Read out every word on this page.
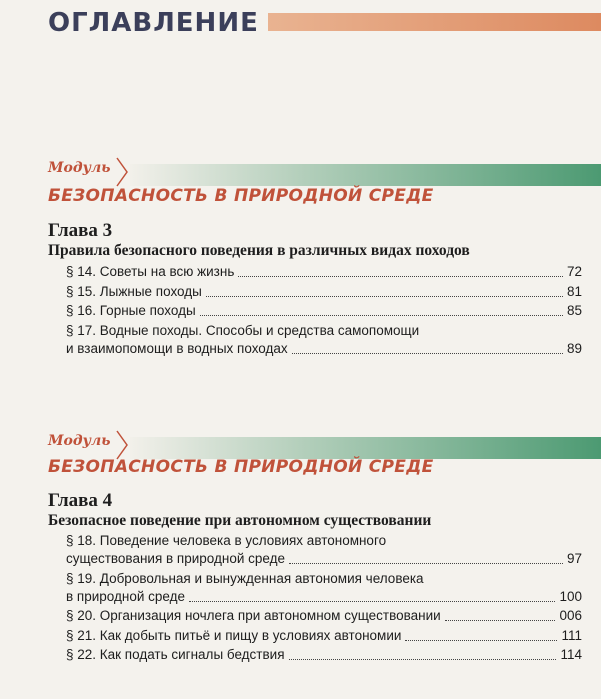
ОГЛАВЛЕНИЕ
Модуль
БЕЗОПАСНОСТЬ В ПРИРОДНОЙ СРЕДЕ
Глава 3
Правила безопасного поведения в различных видах походов
§ 14. Советы на всю жизнь	72
§ 15. Лыжные походы	81
§ 16. Горные походы	85
§ 17. Водные походы. Способы и средства самопомощи
и взаимопомощи в водных походах	89
Модуль
БЕЗОПАСНОСТЬ В ПРИРОДНОЙ СРЕДЕ
Глава 4
Безопасное поведение при автономном существовании
§ 18. Поведение человека в условиях автономного
существования в природной среде	97
§ 19. Добровольная и вынужденная автономия человека
в природной среде	100
§ 20. Организация ночлега при автономном существовании	006
§ 21. Как добыть питьё и пищу в условиях автономии	111
§ 22. Как подать сигналы бедствия	114
